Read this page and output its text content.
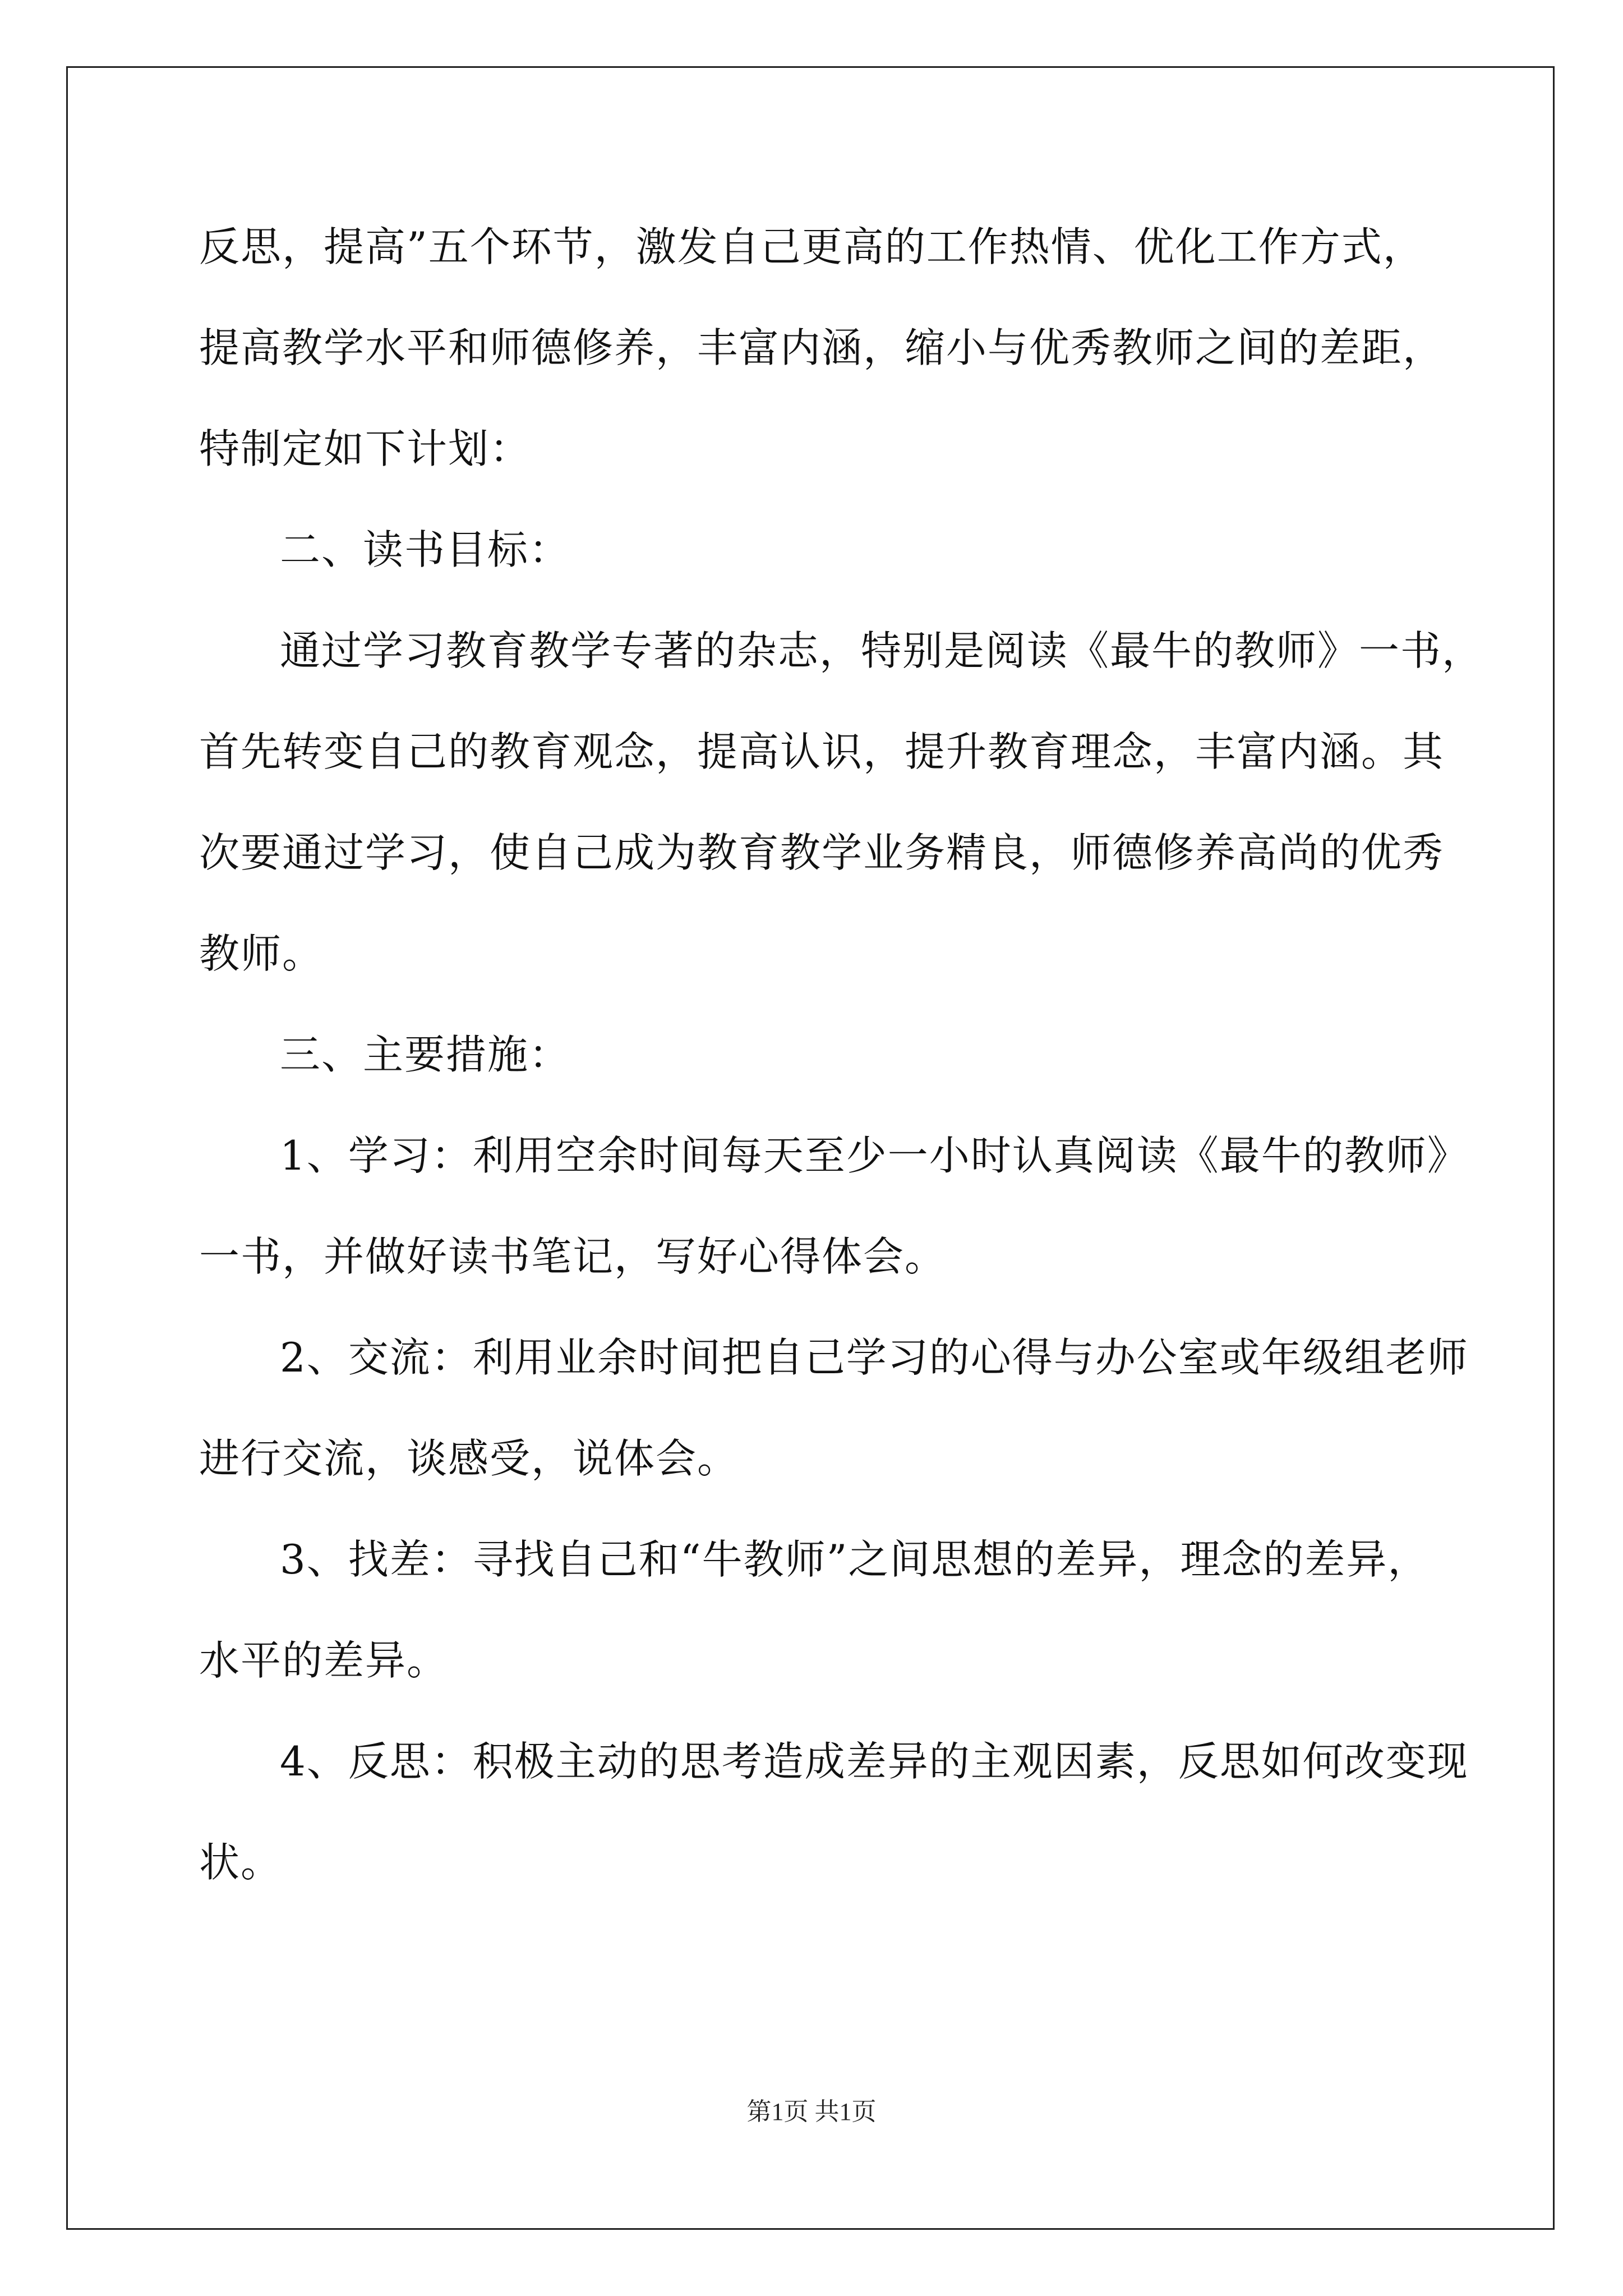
反思，提高”五个环节，激发自己更高的工作热情、优化工作方式，
提高教学水平和师德修养，丰富内涵，缩小与优秀教师之间的差距，
特制定如下计划：
二、读书目标：
通过学习教育教学专著的杂志，特别是阅读《最牛的教师》一书，
首先转变自己的教育观念，提高认识，提升教育理念，丰富内涵。其
次要通过学习，使自己成为教育教学业务精良，师德修养高尚的优秀
教师。
三、主要措施：
1、学习：利用空余时间每天至少一小时认真阅读《最牛的教师》
一书，并做好读书笔记，写好心得体会。
2、交流：利用业余时间把自己学习的心得与办公室或年级组老师
进行交流，谈感受，说体会。
3、找差：寻找自己和“牛教师”之间思想的差异，理念的差异，
水平的差异。
4、反思：积极主动的思考造成差异的主观因素，反思如何改变现
状。
第1页 共1页
